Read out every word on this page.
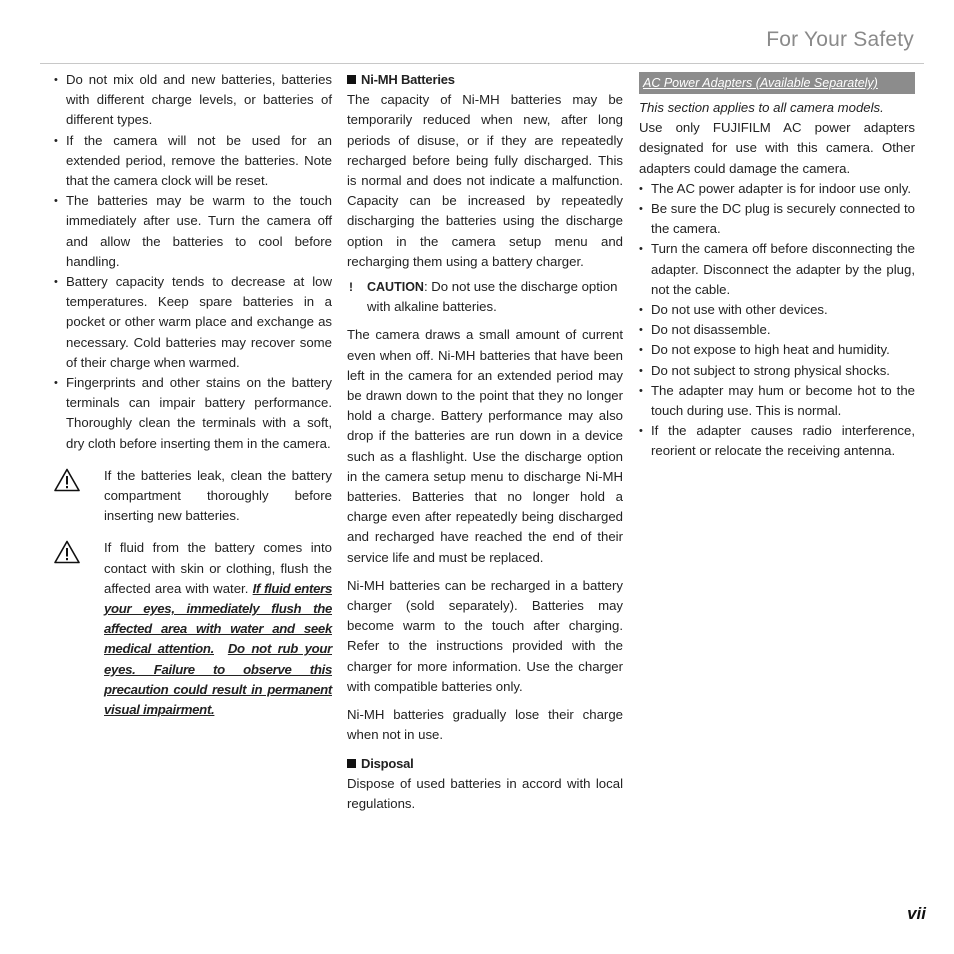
For Your Safety
• Do not mix old and new batteries, batteries with different charge levels, or batteries of different types.
• If the camera will not be used for an extended period, remove the batteries. Note that the camera clock will be reset.
• The batteries may be warm to the touch immediately after use. Turn the camera off and allow the batteries to cool before handling.
• Battery capacity tends to decrease at low temperatures. Keep spare batteries in a pocket or other warm place and exchange as necessary. Cold batteries may recover some of their charge when warmed.
• Fingerprints and other stains on the battery terminals can impair battery performance. Thoroughly clean the terminals with a soft, dry cloth before inserting them in the camera.
If the batteries leak, clean the battery compartment thoroughly before inserting new batteries.
If fluid from the battery comes into contact with skin or clothing, flush the affected area with water. If fluid enters your eyes, immediately flush the affected area with water and seek medical attention. Do not rub your eyes. Failure to observe this precaution could result in permanent visual impairment.
Ni-MH Batteries

The capacity of Ni-MH batteries may be temporarily reduced when new, after long periods of disuse, or if they are repeatedly recharged before being fully discharged. This is normal and does not indicate a malfunction. Capacity can be increased by repeatedly discharging the batteries using the discharge option in the camera setup menu and recharging them using a battery charger.

! CAUTION: Do not use the discharge option with alkaline batteries.

The camera draws a small amount of current even when off. Ni-MH batteries that have been left in the camera for an extended period may be drawn down to the point that they no longer hold a charge. Battery performance may also drop if the batteries are run down in a device such as a flashlight. Use the discharge option in the camera setup menu to discharge Ni-MH batteries. Batteries that no longer hold a charge even after repeatedly being discharged and recharged have reached the end of their service life and must be replaced.

Ni-MH batteries can be recharged in a battery charger (sold separately). Batteries may become warm to the touch after charging. Refer to the instructions provided with the charger for more information. Use the charger with compatible batteries only.

Ni-MH batteries gradually lose their charge when not in use.

Disposal

Dispose of used batteries in accord with local regulations.

AC Power Adapters (Available Separately)

This section applies to all camera models.

Use only FUJIFILM AC power adapters designated for use with this camera. Other adapters could damage the camera.

• The AC power adapter is for indoor use only.
• Be sure the DC plug is securely connected to the camera.
• Turn the camera off before disconnecting the adapter. Disconnect the adapter by the plug, not the cable.
• Do not use with other devices.
• Do not disassemble.
• Do not expose to high heat and humidity.
• Do not subject to strong physical shocks.
• The adapter may hum or become hot to the touch during use. This is normal.
• If the adapter causes radio interference, reorient or relocate the receiving antenna.
vii
